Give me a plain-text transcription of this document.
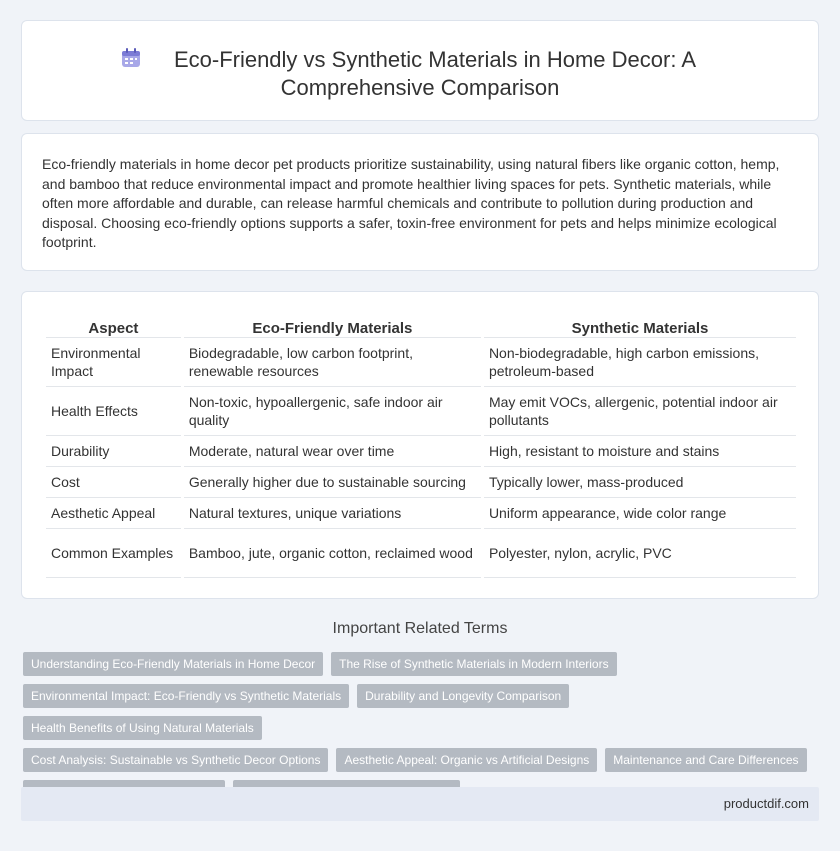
Eco-Friendly vs Synthetic Materials in Home Decor: A Comprehensive Comparison

Eco-friendly materials in home decor pet products prioritize sustainability, using natural fibers like organic cotton, hemp, and bamboo that reduce environmental impact and promote healthier living spaces for pets. Synthetic materials, while often more affordable and durable, can release harmful chemicals and contribute to pollution during production and disposal. Choosing eco-friendly options supports a safer, toxin-free environment for pets and helps minimize ecological footprint.

Aspect	Eco-Friendly Materials	Synthetic Materials
Environmental Impact	Biodegradable, low carbon footprint, renewable resources	Non-biodegradable, high carbon emissions, petroleum-based
Health Effects	Non-toxic, hypoallergenic, safe indoor air quality	May emit VOCs, allergenic, potential indoor air pollutants
Durability	Moderate, natural wear over time	High, resistant to moisture and stains
Cost	Generally higher due to sustainable sourcing	Typically lower, mass-produced
Aesthetic Appeal	Natural textures, unique variations	Uniform appearance, wide color range
Common Examples	Bamboo, jute, organic cotton, reclaimed wood	Polyester, nylon, acrylic, PVC
Important Related Terms
Understanding Eco-Friendly Materials in Home Decor	The Rise of Synthetic Materials in Modern Interiors
Environmental Impact: Eco-Friendly vs Synthetic Materials	Durability and Longevity Comparison
Health Benefits of Using Natural Materials
Cost Analysis: Sustainable vs Synthetic Decor Options	Aesthetic Appeal: Organic vs Artificial Designs	Maintenance and Care Differences
productdif.com
